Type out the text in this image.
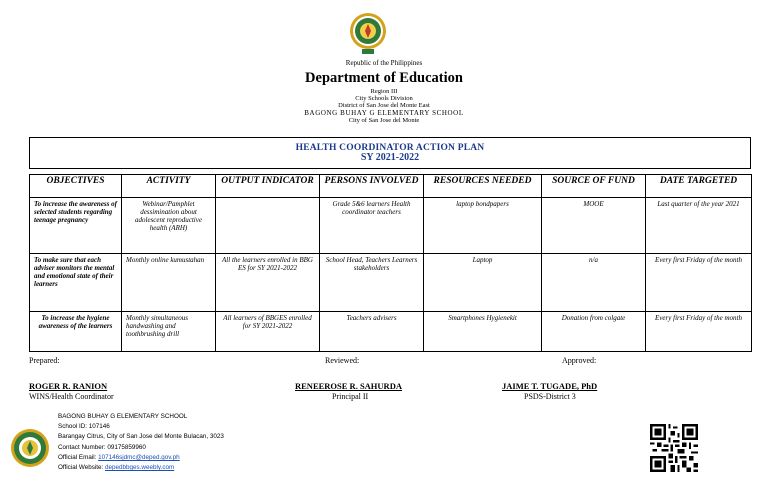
Republic of the Philippines
Department of Education
Region III
City Schools Division
District of San Jose del Monte East
BAGONG BUHAY G ELEMENTARY SCHOOL
City of San Jose del Monte
HEALTH COORDINATOR ACTION PLAN
SY 2021-2022
OBJECTIVES	ACTIVITY	OUTPUT INDICATOR	PERSONS INVOLVED	RESOURCES NEEDED	SOURCE OF FUND	DATE TARGETED
To increase the awareness of selected students regarding teenage pregnancy	Webinar/Pamphlet dessimination about adolescent reproductive health (ARH)		Grade 5&6 learners Health coordinator teachers	laptop bondpapers	MOOE	Last quarter of the year 2021
To make sure that each adviser monitors the mental and emotional state of their learners	Monthly online kumustahan	All the learners enrolled in BBG ES for SY 2021-2022	School Head, Teachers Learners stakeholders	Laptop	n/a	Every first Friday of the month
To increase the hygiene awareness of the learners	Monthly simultaneous handwashing and toothbrushing drill	All learners of BBGES enrolled for SY 2021-2022	Teachers advisers	Smartphones Hygienekit	Donation from colgate	Every first Friday of the month
Prepared:	Reviewed:	Approved:
ROGER R. RANION
WINS/Health Coordinator
RENEEROSE R. SAHURDA
Principal II
JAIME T. TUGADE, PhD
PSDS-District 3
BAGONG BUHAY G ELEMENTARY SCHOOL
School ID: 107146
Barangay Citrus, City of San Jose del Monte Bulacan, 3023
Contact Number: 09175859960
Official Email: 107146sjdmc@deped.gov.ph
Official Website: depedbbges.weebly.com
